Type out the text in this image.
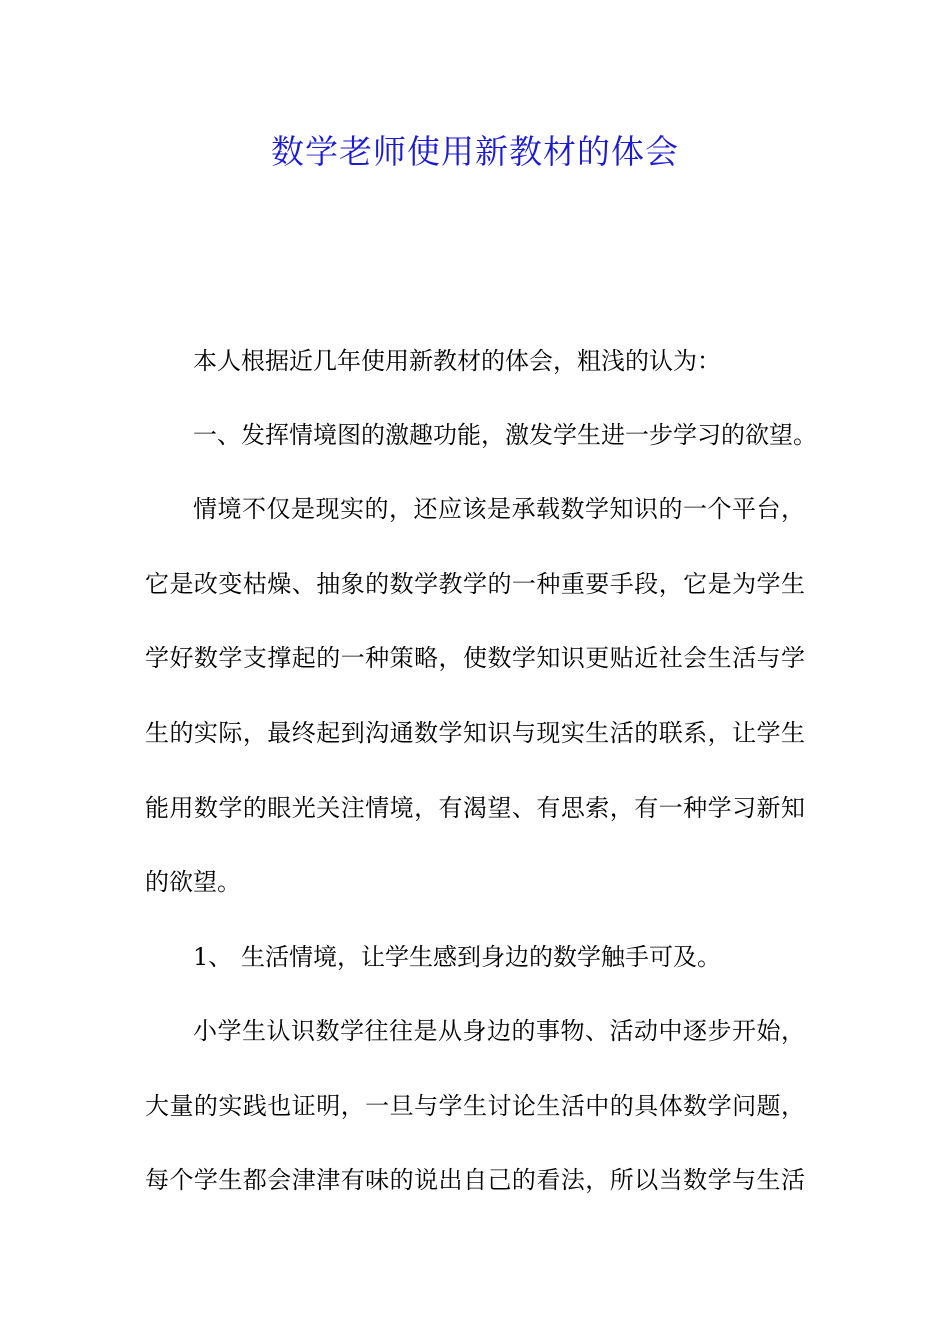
数学老师使用新教材的体会

本人根据近几年使用新教材的体会，粗浅的认为：

一、发挥情境图的激趣功能，激发学生进一步学习的欲望。

情境不仅是现实的，还应该是承载数学知识的一个平台，

它是改变枯燥、抽象的数学教学的一种重要手段，它是为学生

学好数学支撑起的一种策略，使数学知识更贴近社会生活与学

生的实际，最终起到沟通数学知识与现实生活的联系，让学生

能用数学的眼光关注情境，有渴望、有思索，有一种学习新知

的欲望。

1、 生活情境，让学生感到身边的数学触手可及。

小学生认识数学往往是从身边的事物、活动中逐步开始，

大量的实践也证明，一旦与学生讨论生活中的具体数学问题，

每个学生都会津津有味的说出自己的看法，所以当数学与生活
